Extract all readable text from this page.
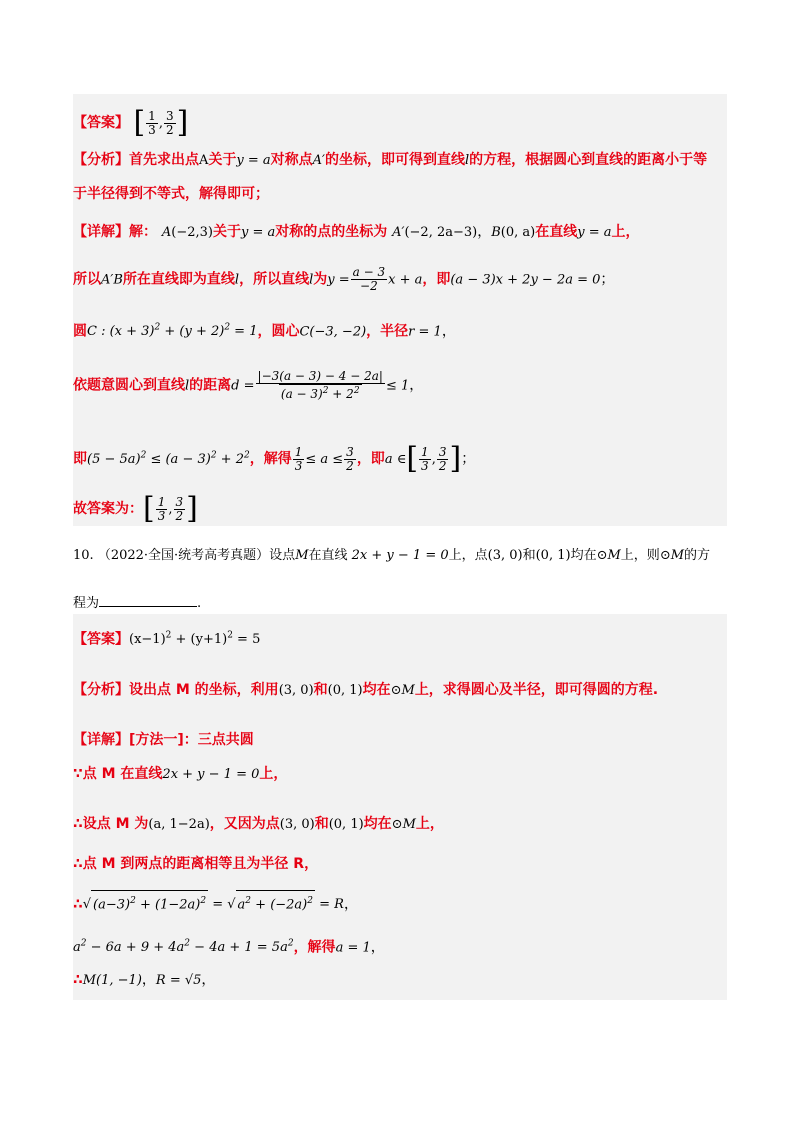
【答案】 [ $\frac{1}{3}$ , $\frac{3}{2}$ ]
【分析】首先求出点A关于y = a对称点A′的坐标，即可得到直线l的方程，根据圆心到直线的距离小于等
于半径得到不等式，解得即可；
【详解】解： A(−2,3)关于y = a对称的点的坐标为 A′(−2, 2a−3)，B(0, a)在直线y = a上，
所以A′B所在直线即为直线l，所以直线l为$y = \frac{a - 3}{-2}$ x + a，即(a − 3)x + 2y − 2a = 0；
圆C : $(x + 3)^2 + (y + 2)^2 = 1$，圆心C(−3, −2)，半径r = 1，
依题意圆心到直线l的距离$d = \frac{|-3(a - 3) - 4 - 2a|}{(a - 3)^2 + 2^2} \le 1$，
即$(5 - 5a)^2 \le (a - 3)^2 + 2^2$，解得 $\frac{1}{3} \le a \le \frac{3}{2}$ ，即a ∈[ $\frac{1}{3}$ , $\frac{3}{2}$ ]；
故答案为：[ $\frac{1}{3}$ , $\frac{3}{2}$ ]
10. （2022·全国·统考高考真题）设点M在直线 2x + y − 1 = 0上，点(3, 0)和(0, 1)均在⊙M上，则⊙M的方
程为	.
【答案】$(x-1)^2 + (y+1)^2 = 5$
【分析】设出点 M 的坐标，利用(3, 0)和(0, 1)均在⊙M上，求得圆心及半径，即可得圆的方程.
【详解】[方法一]：三点共圆
∵点 M 在直线2x + y − 1 = 0上，
∴设点 M 为(a, 1−2a)，又因为点(3, 0)和(0, 1)均在⊙M上，
∴点 M 到两点的距离相等且为半径 R，
∴√ $(a-3)^2 + (1-2a)^2$ = √ $a^2 + (-2a)^2 = R$，
$a^2 - 6a + 9 + 4a^2 - 4a + 1 = 5a^2$，解得a = 1，
∴M(1, −1)，R = √5，
